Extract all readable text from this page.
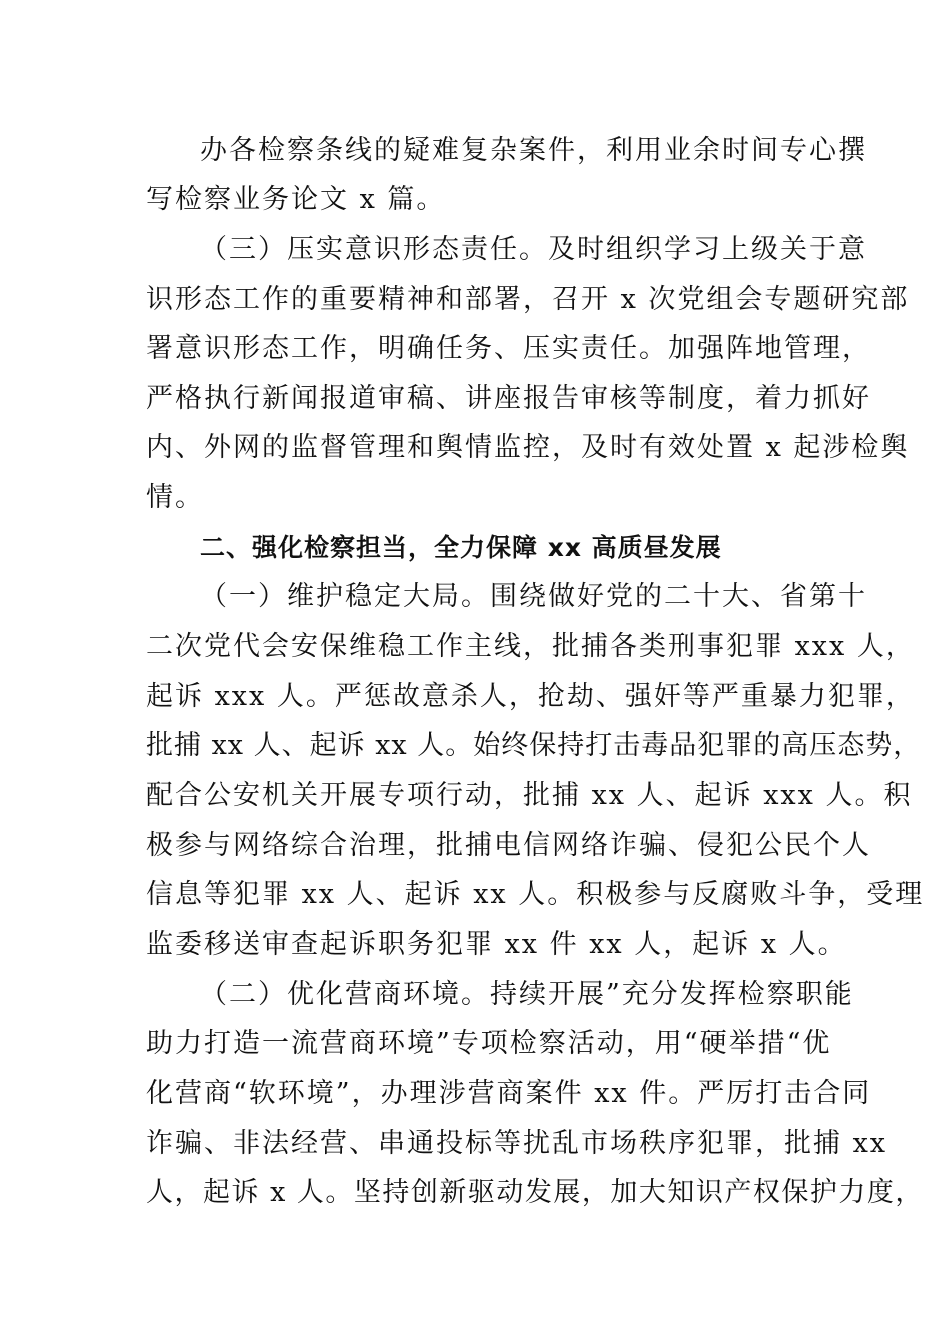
办各检察条线的疑难复杂案件，利用业余时间专心撰
写检察业务论文 x 篇。
（三）压实意识形态责任。及时组织学习上级关于意
识形态工作的重要精神和部署，召开 x 次党组会专题研究部
署意识形态工作，明确任务、压实责任。加强阵地管理，
严格执行新闻报道审稿、讲座报告审核等制度，着力抓好
内、外网的监督管理和舆情监控，及时有效处置 x 起涉检舆
情。
二、强化检察担当，全力保障 xx 高质昼发展
（一）维护稳定大局。围绕做好党的二十大、省第十
二次党代会安保维稳工作主线，批捕各类刑事犯罪 xxx 人，
起诉 xxx 人。严惩故意杀人，抢劫、强奸等严重暴力犯罪，
批捕 xx 人、起诉 xx 人。始终保持打击毒品犯罪的高压态势，
配合公安机关开展专项行动，批捕 xx 人、起诉 xxx 人。积
极参与网络综合治理，批捕电信网络诈骗、侵犯公民个人
信息等犯罪 xx 人、起诉 xx 人。积极参与反腐败斗争，受理
监委移送审查起诉职务犯罪 xx 件 xx 人，起诉 x 人。
（二）优化营商环境。持续开展”充分发挥检察职能
助力打造一流营商环境”专项检察活动，用“硬举措“优
化营商“软环境”，办理涉营商案件 xx 件。严厉打击合同
诈骗、非法经营、串通投标等扰乱市场秩序犯罪，批捕 xx
人，起诉 x 人。坚持创新驱动发展，加大知识产权保护力度，
